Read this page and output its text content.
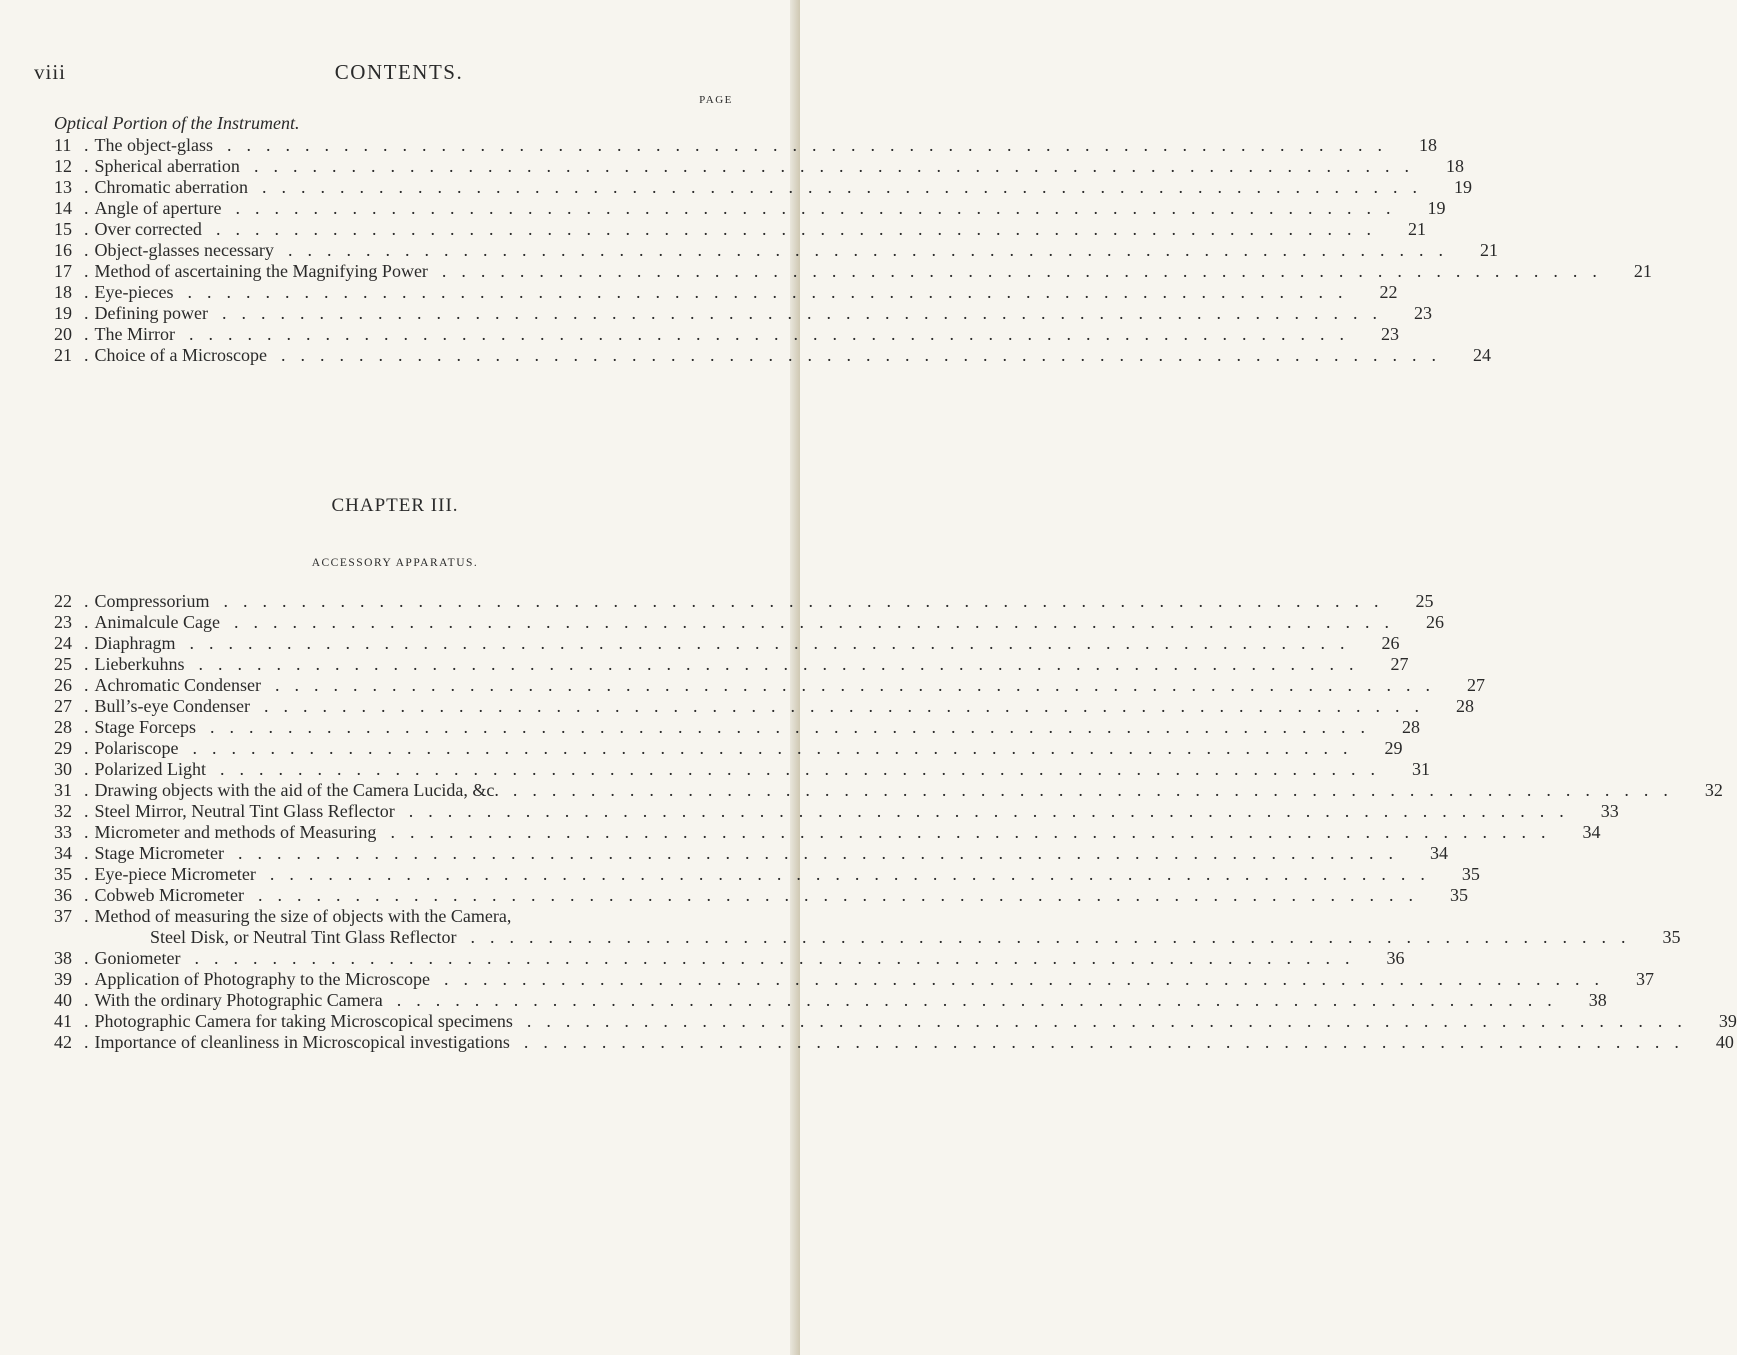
viii	CONTENTS.
PAGE
Optical Portion of the Instrument.
11 . The object-glass ............................................................	18
12 . Spherical aberration ............................................................	18
13 . Chromatic aberration ............................................................	19
14 . Angle of aperture ............................................................	19
15 . Over corrected ............................................................	21
16 . Object-glasses necessary ............................................................	21
17 . Method of ascertaining the Magnifying Power ............................................................	21
18 . Eye-pieces ............................................................	22
19 . Defining power ............................................................	23
20 . The Mirror ............................................................	23
21 . Choice of a Microscope ............................................................	24
CHAPTER III.
ACCESSORY APPARATUS.
22 . Compressorium ............................................................	25
23 . Animalcule Cage ............................................................	26
24 . Diaphragm ............................................................	26
25 . Lieberkuhns ............................................................	27
26 . Achromatic Condenser ............................................................	27
27 . Bull’s-eye Condenser ............................................................	28
28 . Stage Forceps ............................................................	28
29 . Polariscope ............................................................	29
30 . Polarized Light ............................................................	31
31 . Drawing objects with the aid of the Camera Lucida, &c. ............................................................	32
32 . Steel Mirror, Neutral Tint Glass Reflector ............................................................	33
33 . Micrometer and methods of Measuring ............................................................	34
34 . Stage Micrometer ............................................................	34
35 . Eye-piece Micrometer ............................................................	35
36 . Cobweb Micrometer ............................................................	35
37 . Method of measuring the size of objects with the Camera,
Steel Disk, or Neutral Tint Glass Reflector ............................................................	35
38 . Goniometer ............................................................	36
39 . Application of Photography to the Microscope ............................................................	37
40 . With the ordinary Photographic Camera ............................................................	38
41 . Photographic Camera for taking Microscopical specimens ............................................................	39
42 . Importance of cleanliness in Microscopical investigations ............................................................	40
